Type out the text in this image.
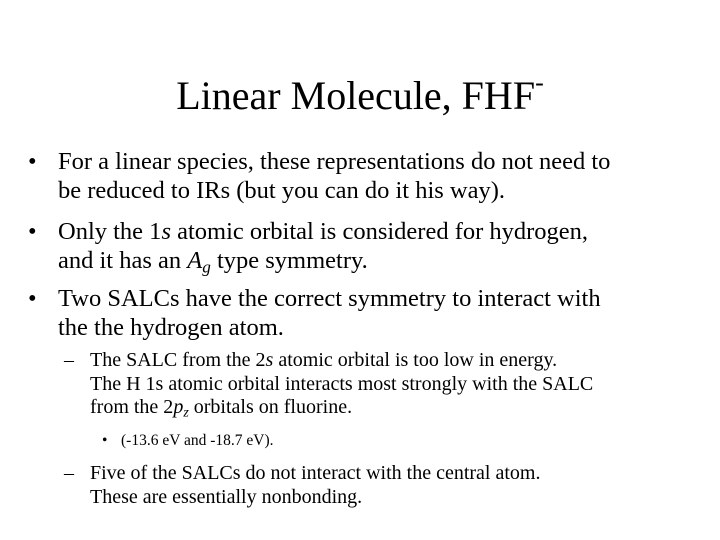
Linear Molecule, FHF-
• For a linear species, these representations do not need to
be reduced to IRs (but you can do it his way).
• Only the 1s atomic orbital is considered for hydrogen,
and it has an $A_g$ type symmetry.
• Two SALCs have the correct symmetry to interact with
the the hydrogen atom.
– The SALC from the 2s atomic orbital is too low in energy.
The H 1s atomic orbital interacts most strongly with the SALC
from the $2p_z$ orbitals on fluorine.
• (-13.6 eV and -18.7 eV).
– Five of the SALCs do not interact with the central atom.
These are essentially nonbonding.
